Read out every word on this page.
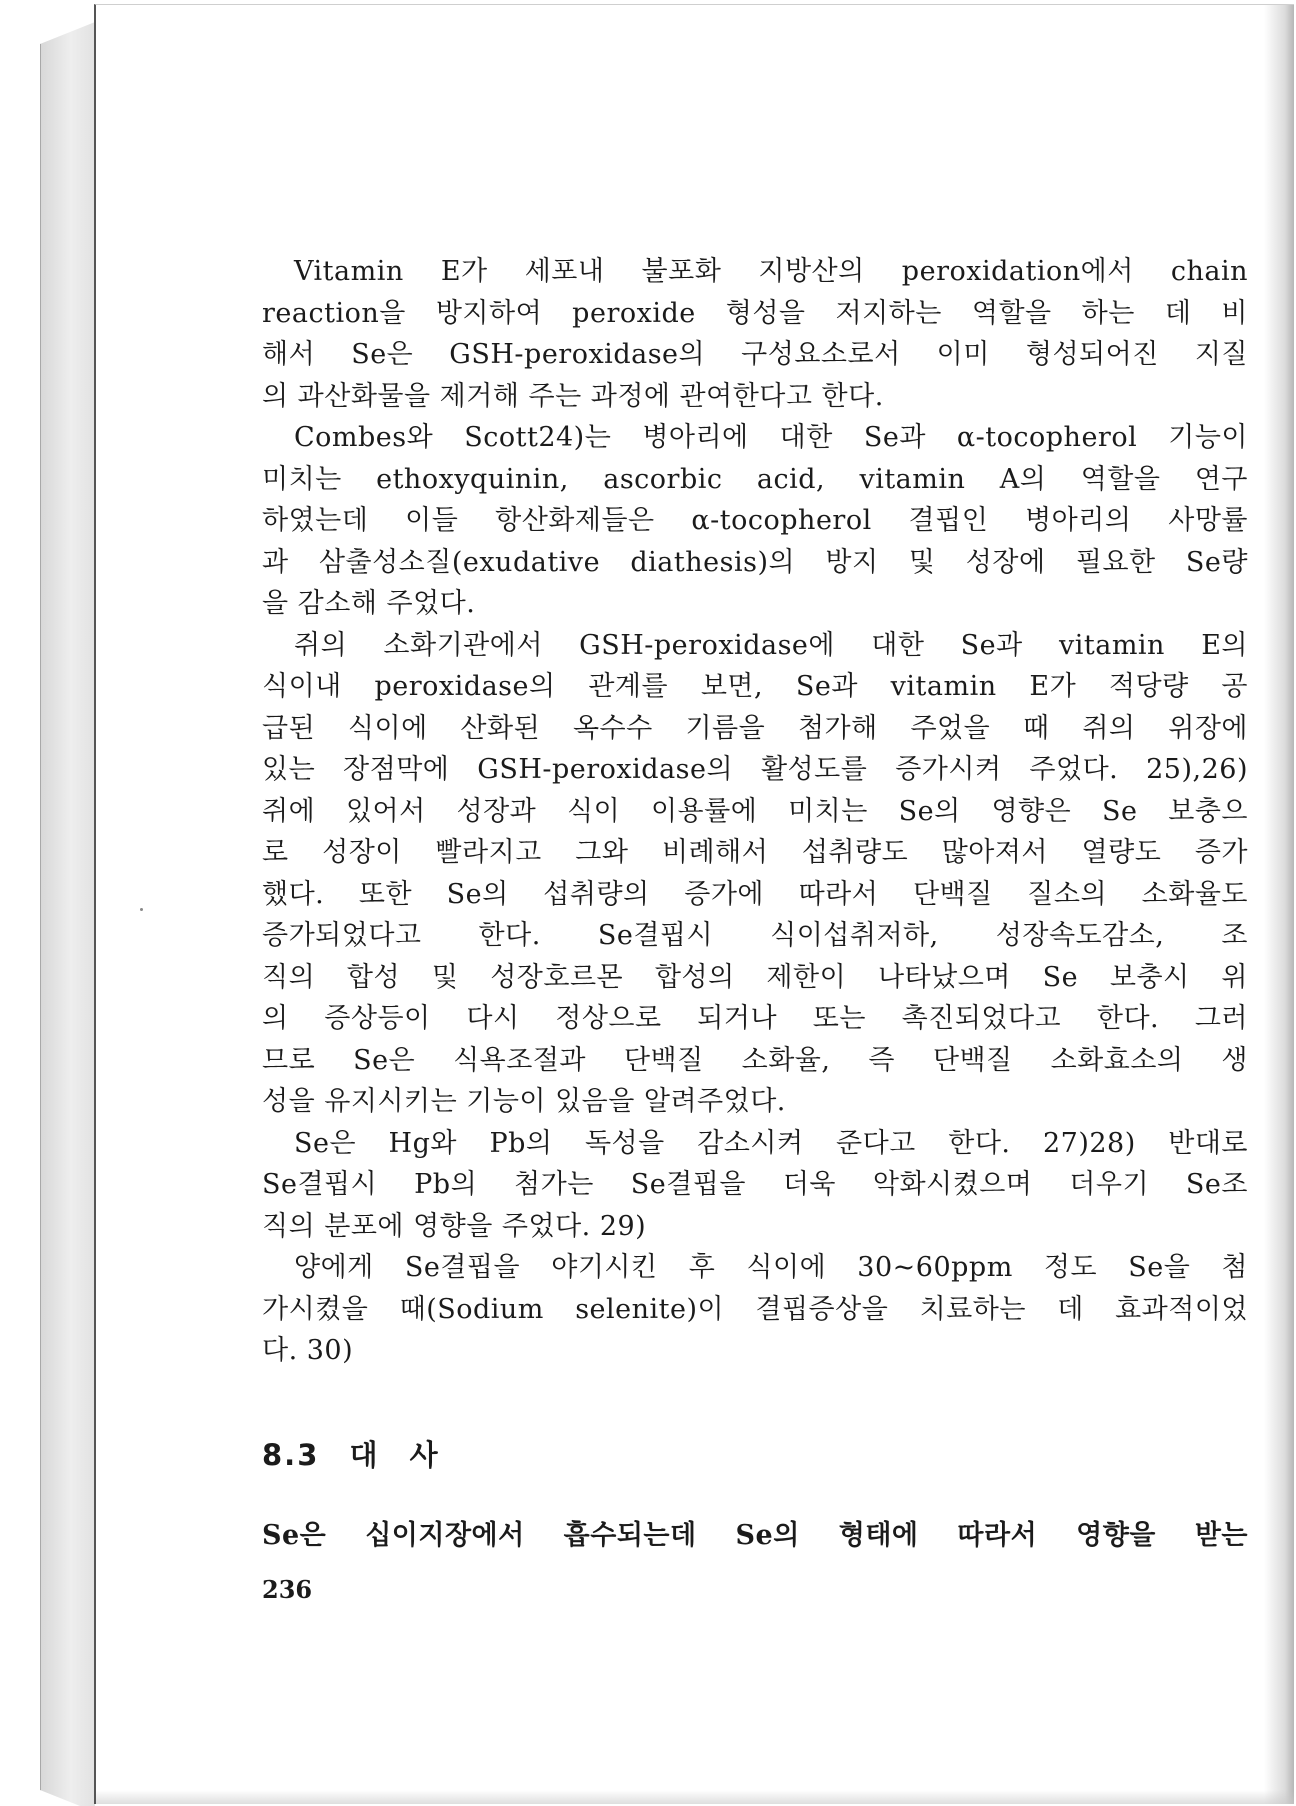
Vitamin E가 세포내 불포화 지방산의 peroxidation에서 chain
reaction을 방지하여 peroxide 형성을 저지하는 역할을 하는 데 비
해서 Se은 GSH-peroxidase의 구성요소로서 이미 형성되어진 지질
의 과산화물을 제거해 주는 과정에 관여한다고 한다.
Combes와 Scott24)는 병아리에 대한 Se과 α-tocopherol 기능이
미치는 ethoxyquinin, ascorbic acid, vitamin A의 역할을 연구
하였는데 이들 항산화제들은 α-tocopherol 결핍인 병아리의 사망률
과 삼출성소질(exudative diathesis)의 방지 및 성장에 필요한 Se량
을 감소해 주었다.
쥐의 소화기관에서 GSH-peroxidase에 대한 Se과 vitamin E의
식이내 peroxidase의 관계를 보면, Se과 vitamin E가 적당량 공
급된 식이에 산화된 옥수수 기름을 첨가해 주었을 때 쥐의 위장에
있는 장점막에 GSH-peroxidase의 활성도를 증가시켜 주었다. 25),26)
쥐에 있어서 성장과 식이 이용률에 미치는 Se의 영향은 Se 보충으
로 성장이 빨라지고 그와 비례해서 섭취량도 많아져서 열량도 증가
했다. 또한 Se의 섭취량의 증가에 따라서 단백질 질소의 소화율도
증가되었다고 한다. Se결핍시 식이섭취저하, 성장속도감소, 조
직의 합성 및 성장호르몬 합성의 제한이 나타났으며 Se 보충시 위
의 증상등이 다시 정상으로 되거나 또는 촉진되었다고 한다. 그러
므로 Se은 식욕조절과 단백질 소화율, 즉 단백질 소화효소의 생
성을 유지시키는 기능이 있음을 알려주었다.
Se은 Hg와 Pb의 독성을 감소시켜 준다고 한다. 27)28) 반대로
Se결핍시 Pb의 첨가는 Se결핍을 더욱 악화시켰으며 더우기 Se조
직의 분포에 영향을 주었다. 29)
양에게 Se결핍을 야기시킨 후 식이에 30~60ppm 정도 Se을 첨
가시켰을 때(Sodium selenite)이 결핍증상을 치료하는 데 효과적이었
다. 30)
8.3 대 사
Se은 십이지장에서 흡수되는데 Se의 형태에 따라서 영향을 받는
236
